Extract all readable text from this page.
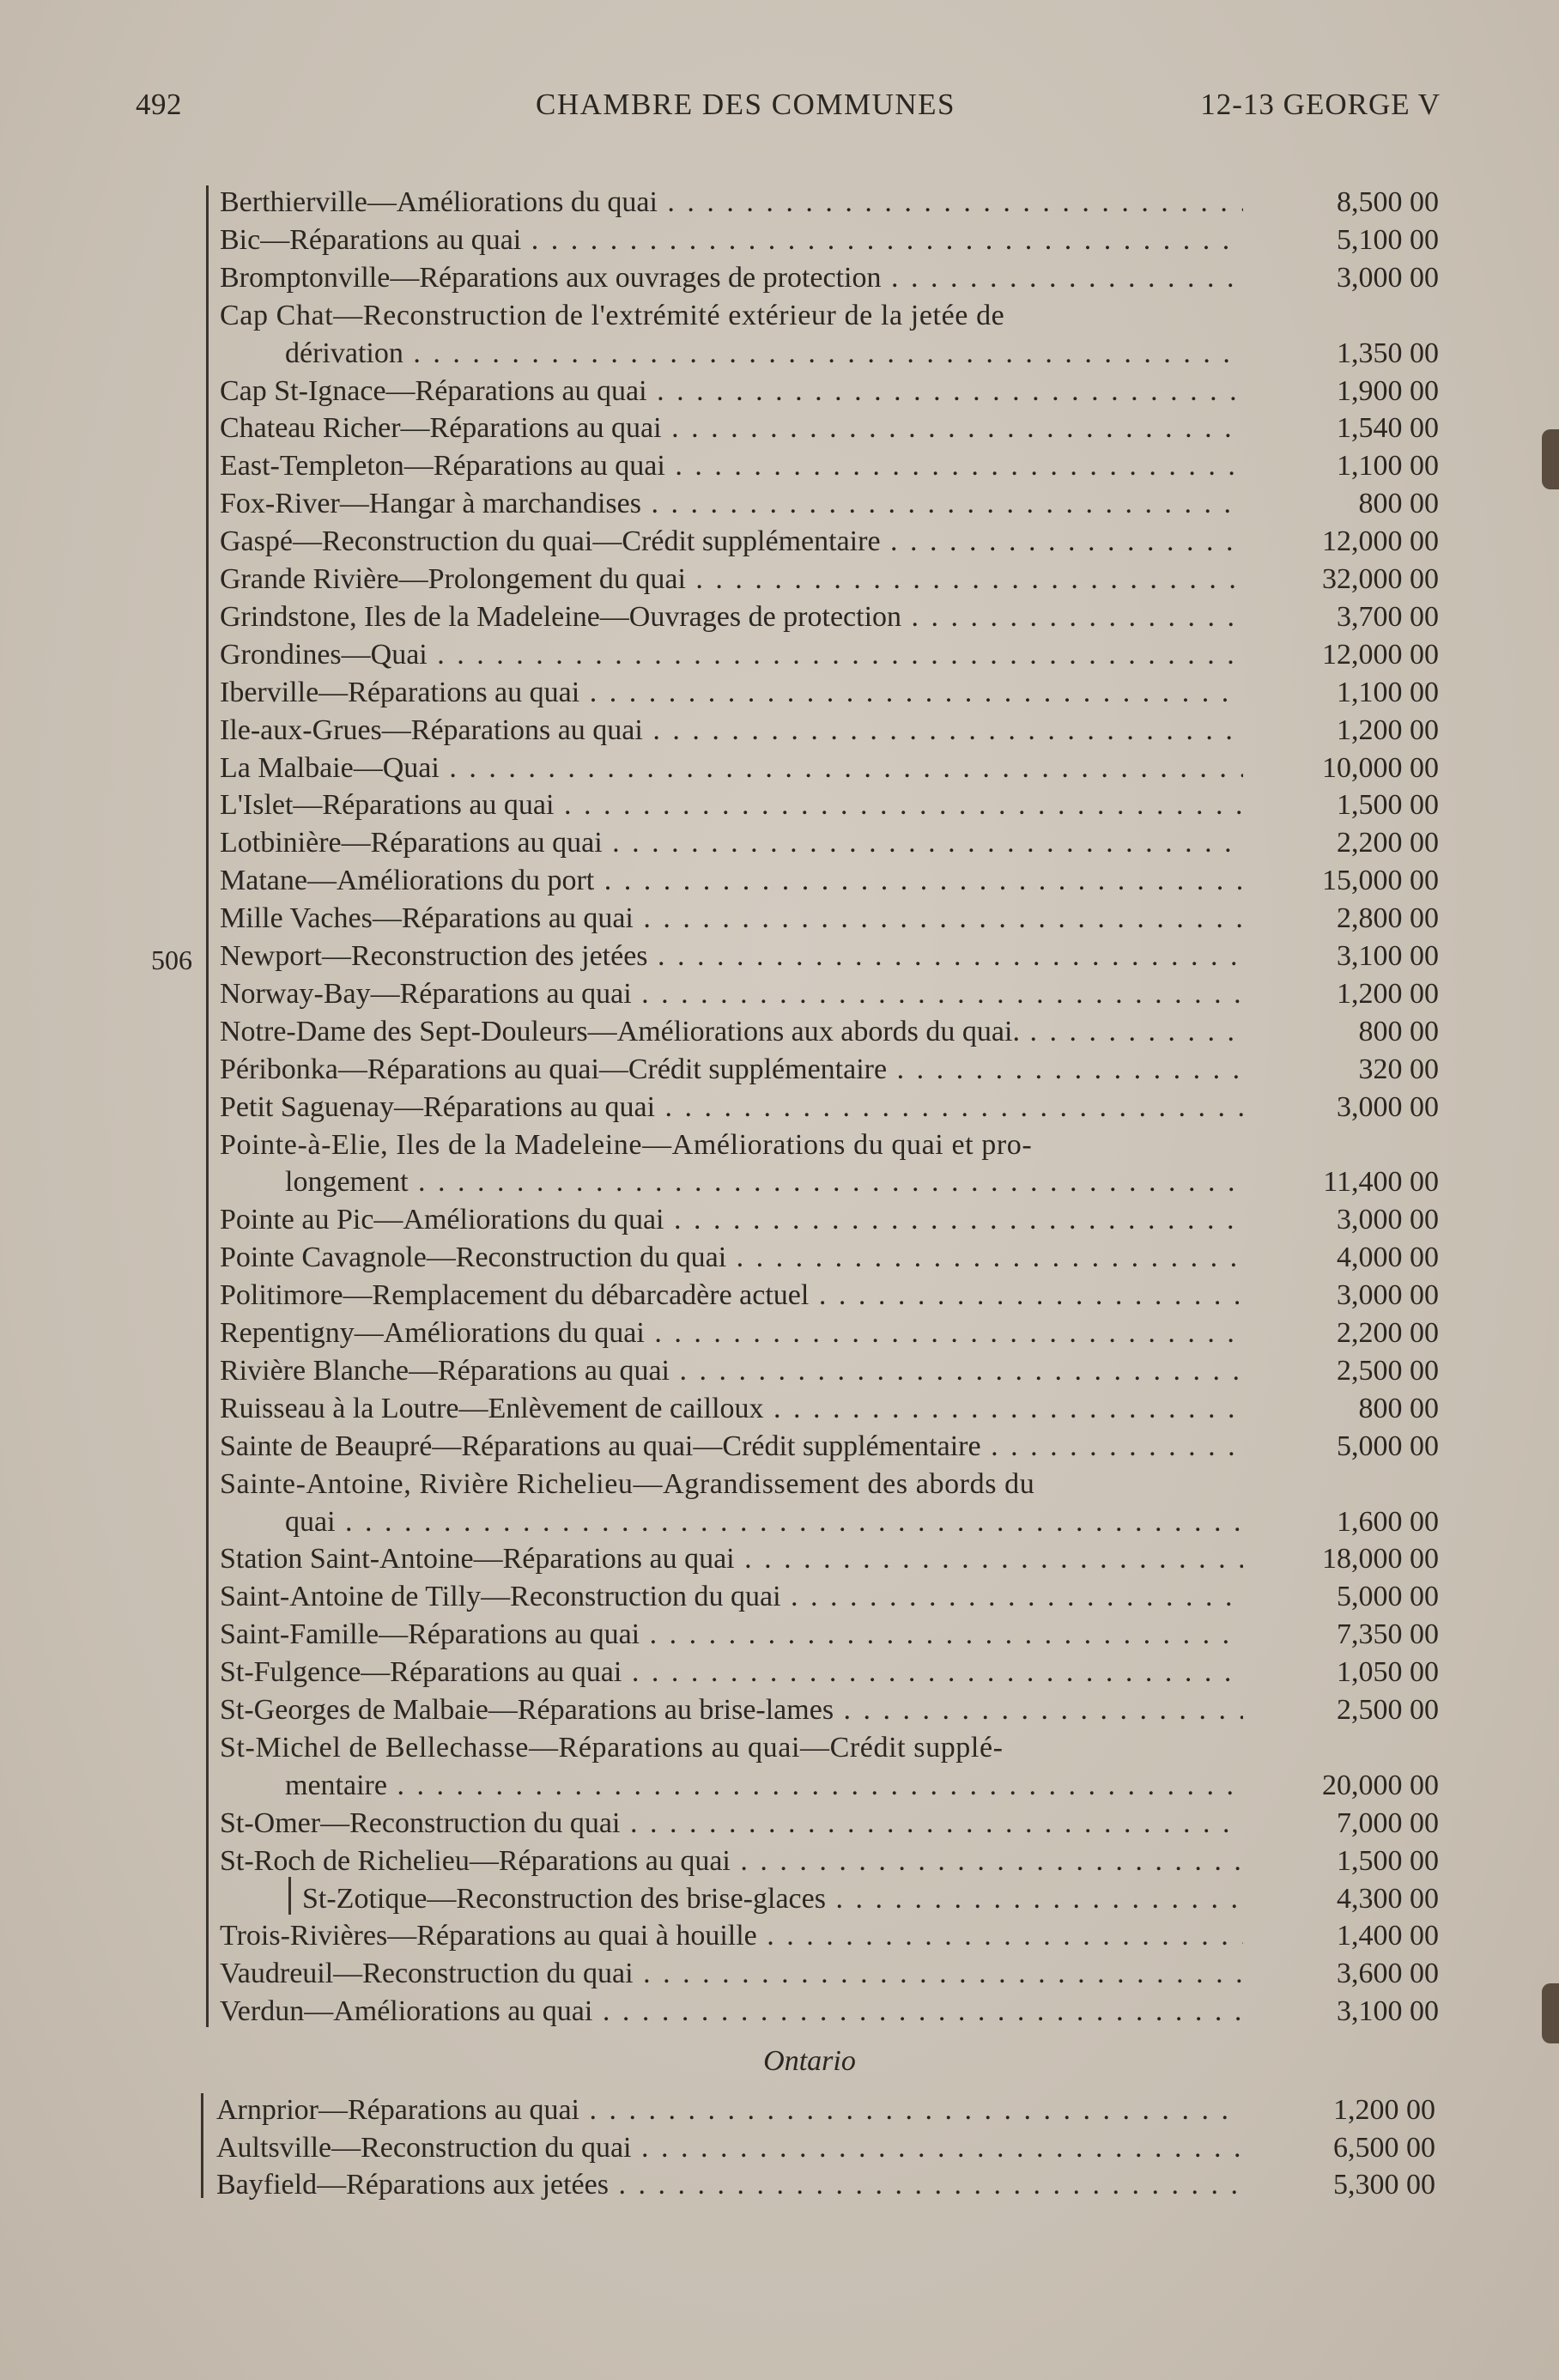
492	CHAMBRE DES COMMUNES	12-13 GEORGE V
506
Berthierville—Améliorations du quai . . .	8,500 00
Bic—Réparations au quai . . .	5,100 00
Bromptonville—Réparations aux ouvrages de protection . . .	3,000 00
Cap Chat—Reconstruction de l'extrémité extérieur de la jetée de
dérivation . . .	1,350 00
Cap St-Ignace—Réparations au quai . . .	1,900 00
Chateau Richer—Réparations au quai . . .	1,540 00
East-Templeton—Réparations au quai . . .	1,100 00
Fox-River—Hangar à marchandises . . .	800 00
Gaspé—Reconstruction du quai—Crédit supplémentaire . . .	12,000 00
Grande Rivière—Prolongement du quai . . .	32,000 00
Grindstone, Iles de la Madeleine—Ouvrages de protection . . .	3,700 00
Grondines—Quai . . .	12,000 00
Iberville—Réparations au quai . . .	1,100 00
Ile-aux-Grues—Réparations au quai . . .	1,200 00
La Malbaie—Quai . . .	10,000 00
L'Islet—Réparations au quai . . .	1,500 00
Lotbinière—Réparations au quai . . .	2,200 00
Matane—Améliorations du port . . .	15,000 00
Mille Vaches—Réparations au quai . . .	2,800 00
Newport—Reconstruction des jetées . . .	3,100 00
Norway-Bay—Réparations au quai . . .	1,200 00
Notre-Dame des Sept-Douleurs—Améliorations aux abords du quai. . . .	800 00
Péribonka—Réparations au quai—Crédit supplémentaire . . .	320 00
Petit Saguenay—Réparations au quai . . .	3,000 00
Pointe-à-Elie, Iles de la Madeleine—Améliorations du quai et pro-
longement . . .	11,400 00
Pointe au Pic—Améliorations du quai . . .	3,000 00
Pointe Cavagnole—Reconstruction du quai . . .	4,000 00
Politimore—Remplacement du débarcadère actuel . . .	3,000 00
Repentigny—Améliorations du quai . . .	2,200 00
Rivière Blanche—Réparations au quai . . .	2,500 00
Ruisseau à la Loutre—Enlèvement de cailloux . . .	800 00
Sainte de Beaupré—Réparations au quai—Crédit supplémentaire . . .	5,000 00
Sainte-Antoine, Rivière Richelieu—Agrandissement des abords du
quai . . .	1,600 00
Station Saint-Antoine—Réparations au quai . . .	18,000 00
Saint-Antoine de Tilly—Reconstruction du quai . . .	5,000 00
Saint-Famille—Réparations au quai . . .	7,350 00
St-Fulgence—Réparations au quai . . .	1,050 00
St-Georges de Malbaie—Réparations au brise-lames . . .	2,500 00
St-Michel de Bellechasse—Réparations au quai—Crédit supplé-
mentaire . . .	20,000 00
St-Omer—Reconstruction du quai . . .	7,000 00
St-Roch de Richelieu—Réparations au quai . . .	1,500 00
St-Zotique—Reconstruction des brise-glaces . . .	4,300 00
Trois-Rivières—Réparations au quai à houille . . .	1,400 00
Vaudreuil—Reconstruction du quai . . .	3,600 00
Verdun—Améliorations au quai . . .	3,100 00
Ontario
Arnprior—Réparations au quai . . .	1,200 00
Aultsville—Reconstruction du quai . . .	6,500 00
Bayfield—Réparations aux jetées . . .	5,300 00
